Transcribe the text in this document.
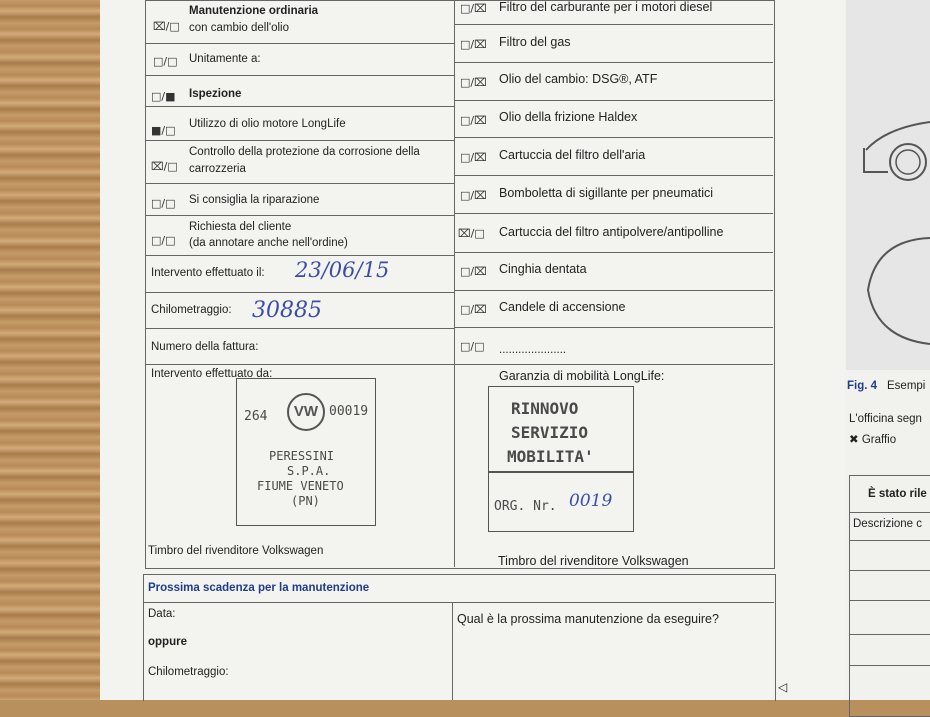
⌧/□
Manutenzione ordinaria
con cambio dell'olio
□/□ Unitamente a:
□/■ Ispezione
■/□ Utilizzo di olio motore LongLife
⌧/□
Controllo della protezione da corrosione della
carrozzeria
□/□ Si consiglia la riparazione
□/□
Richiesta del cliente
(da annotare anche nell'ordine)
Intervento effettuato il: 23/06/15
Chilometraggio: 30885
Numero della fattura:
Intervento effettuato da:
Timbro del rivenditore Volkswagen
264	VW 00019
PERESSINI
S.P.A.
FIUME VENETO
(PN)
□/⌧ Filtro del carburante per i motori diesel
□/⌧ Filtro del gas
□/⌧ Olio del cambio: DSG®, ATF
□/⌧ Olio della frizione Haldex
□/⌧ Cartuccia del filtro dell'aria
□/⌧ Bomboletta di sigillante per pneumatici
⌧/□ Cartuccia del filtro antipolvere/antipolline
□/⌧ Cinghia dentata
□/⌧ Candele di accensione
□/□ .....................
Garanzia di mobilità LongLife:
Timbro del rivenditore Volkswagen
RINNOVO
SERVIZIO
MOBILITA'
ORG. Nr. 0019
Prossima scadenza per la manutenzione
Data:
oppure
Chilometraggio:
Qual è la prossima manutenzione da eseguire?
◁
Fig. 4 Esempi
L'officina segn
✖ Graffio
È stato rile
Descrizione c
